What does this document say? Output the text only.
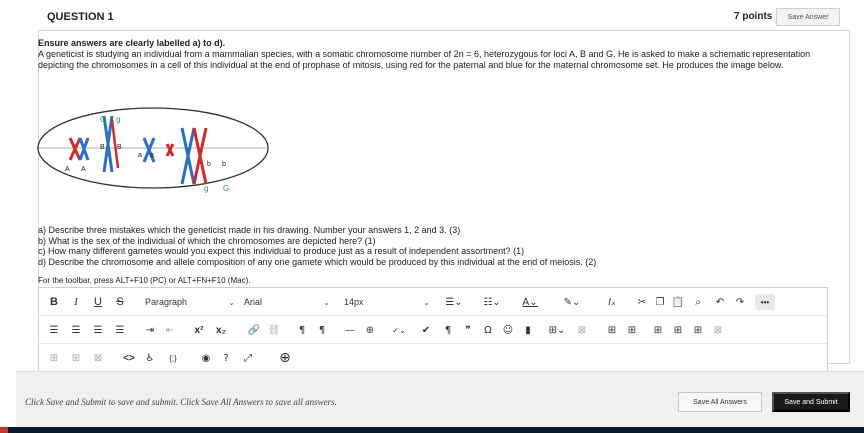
QUESTION 1	7 points	Save Answer
Ensure answers are clearly labelled a) to d).
A geneticist is studying an individual from a mammalian species, with a somatic chromosome number of 2n = 6, heterozygous for loci A, B and G. He is asked to make a schematic representation depicting the chromosomes in a cell of this individual at the end of prophase of mitosis, using red for the paternal and blue for the maternal chromosome set. He produces the image below.
G g
B B
a a
A A
b b
g G
a) Describe three mistakes which the geneticist made in his drawing. Number your answers 1, 2 and 3. (3)
b) What is the sex of the individual of which the chromosomes are depicted here? (1)
c) How many different gametes would you expect this individual to produce just as a result of independent assortment? (1)
d) Describe the chromosome and allele composition of any one gamete which would be produced by this individual at the end of meiosis. (2)
For the toolbar, press ALT+F10 (PC) or ALT+FN+F10 (Mac).
B	I	U	S	Paragraph	⌄ Arial	⌄ 14px	⌄	☰⌄	☷⌄	A⌄	✎⌄	Iₓ	✂ ❐ 📋	⌕	↶ ↷	•••
☰ ☰ ☰ ☰ ⇥ ⇤	x²	x₂	🔗 ⛓	¶	¶	— ⊕	✓⌄	✔	¶	❞	Ω	☺	▮	⊞⌄	⊠ ⊞ ⊞ ⊞ ⊞ ⊞ ⊠
⊞ ⊞ ⊠ <> ♿	{;}	◉	?	⤢ ⊕
Click Save and Submit to save and submit. Click Save All Answers to save all answers.	Save All Answers	Save and Submit
